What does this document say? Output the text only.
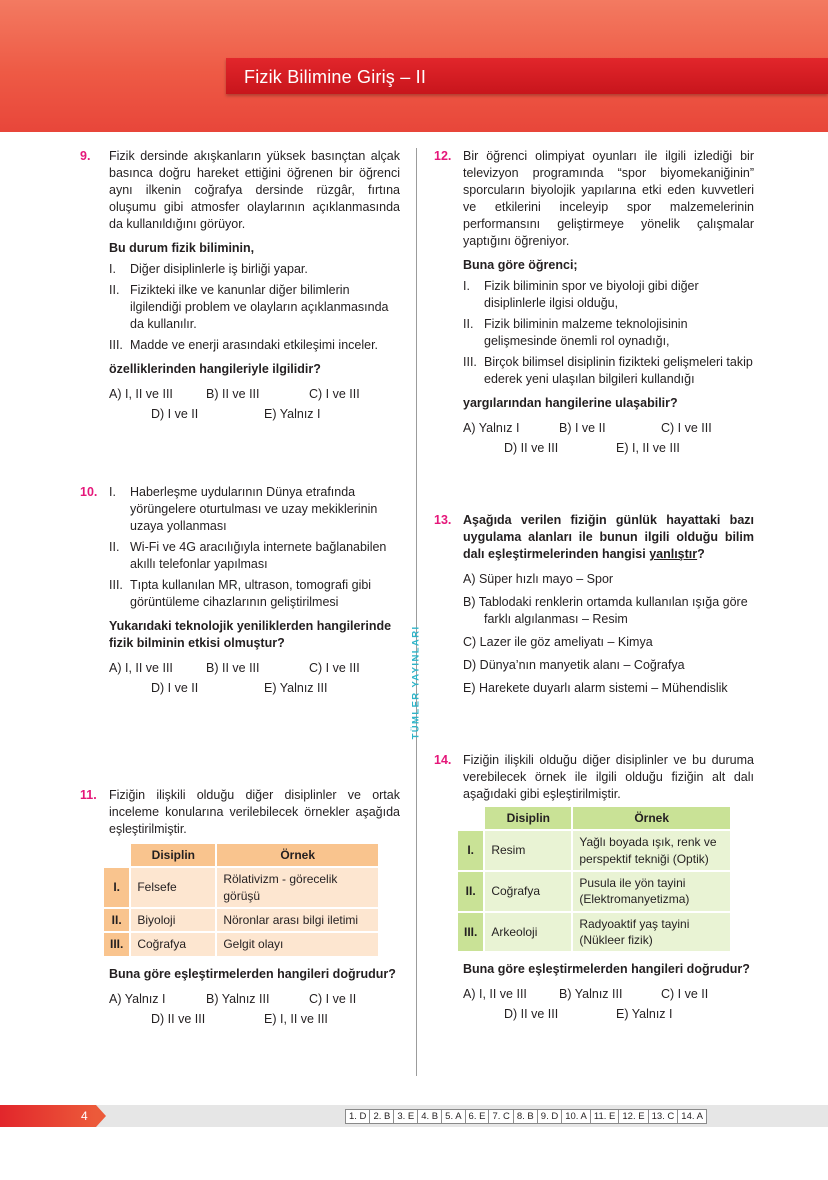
Fizik Bilimine Giriş – II
TÜMLER YAYINLARI
9. Fizik dersinde akışkanların yüksek basınçtan alçak basınca doğru hareket ettiğini öğrenen bir öğrenci aynı ilkenin coğrafya dersinde rüzgâr, fırtına oluşumu gibi atmosfer olaylarının açıklanmasında da kullanıldığını görüyor.
Bu durum fizik biliminin,
I. Diğer disiplinlerle iş birliği yapar.
II. Fizikteki ilke ve kanunlar diğer bilimlerin ilgilendiği problem ve olayların açıklanmasında da kullanılır.
III. Madde ve enerji arasındaki etkileşimi inceler.
özelliklerinden hangileriyle ilgilidir?
A) I, II ve III	B) II ve III	C) I ve III
D) I ve II	E) Yalnız I
10. I. Haberleşme uydularının Dünya etrafında yörüngelere oturtulması ve uzay mekiklerinin uzaya yollanması
II. Wi-Fi ve 4G aracılığıyla internete bağlanabilen akıllı telefonlar yapılması
III. Tıpta kullanılan MR, ultrason, tomografi gibi görüntüleme cihazlarının geliştirilmesi
Yukarıdaki teknolojik yeniliklerden hangilerinde fizik bilminin etkisi olmuştur?
A) I, II ve III	B) II ve III	C) I ve III
D) I ve II	E) Yalnız III
11. Fiziğin ilişkili olduğu diğer disiplinler ve ortak inceleme konularına verilebilecek örnekler aşağıda eşleştirilmiştir.
	Disiplin	Örnek
I.	Felsefe	Rölativizm - görecelik görüşü
II.	Biyoloji	Nöronlar arası bilgi iletimi
III.	Coğrafya	Gelgit olayı
Buna göre eşleştirmelerden hangileri doğrudur?
A) Yalnız I	B) Yalnız III	C) I ve II
D) II ve III	E) I, II ve III
12. Bir öğrenci olimpiyat oyunları ile ilgili izlediği bir televizyon programında “spor biyomekaniğinin” sporcuların biyolojik yapılarına etki eden kuvvetleri ve etkilerini inceleyip spor malzemelerinin performansını geliştirmeye yönelik çalışmalar yaptığını öğreniyor.
Buna göre öğrenci;
I. Fizik biliminin spor ve biyoloji gibi diğer disiplinlerle ilgisi olduğu,
II. Fizik biliminin malzeme teknolojisinin gelişmesinde önemli rol oynadığı,
III. Birçok bilimsel disiplinin fizikteki gelişmeleri takip ederek yeni ulaşılan bilgileri kullandığı
yargılarından hangilerine ulaşabilir?
A) Yalnız I	B) I ve II	C) I ve III
D) II ve III	E) I, II ve III
13. Aşağıda verilen fiziğin günlük hayattaki bazı uygulama alanları ile bunun ilgili olduğu bilim dalı eşleştirmelerinden hangisi yanlıştır?
A) Süper hızlı mayo – Spor
B) Tablodaki renklerin ortamda kullanılan ışığa göre farklı algılanması – Resim
C) Lazer ile göz ameliyatı – Kimya
D) Dünya’nın manyetik alanı – Coğrafya
E) Harekete duyarlı alarm sistemi – Mühendislik
14. Fiziğin ilişkili olduğu diğer disiplinler ve bu duruma verebilecek örnek ile ilgili olduğu fiziğin alt dalı aşağıdaki gibi eşleştirilmiştir.
	Disiplin	Örnek
I.	Resim	Yağlı boyada ışık, renk ve perspektif tekniği (Optik)
II.	Coğrafya	Pusula ile yön tayini (Elektromanyetizma)
III.	Arkeoloji	Radyoaktif yaş tayini (Nükleer fizik)
Buna göre eşleştirmelerden hangileri doğrudur?
A) I, II ve III	B) Yalnız III	C) I ve II
D) II ve III	E) Yalnız I
4	1. D 2. B 3. E 4. B 5. A 6. E 7. C 8. B 9. D 10. A 11. E 12. E 13. C 14. A
